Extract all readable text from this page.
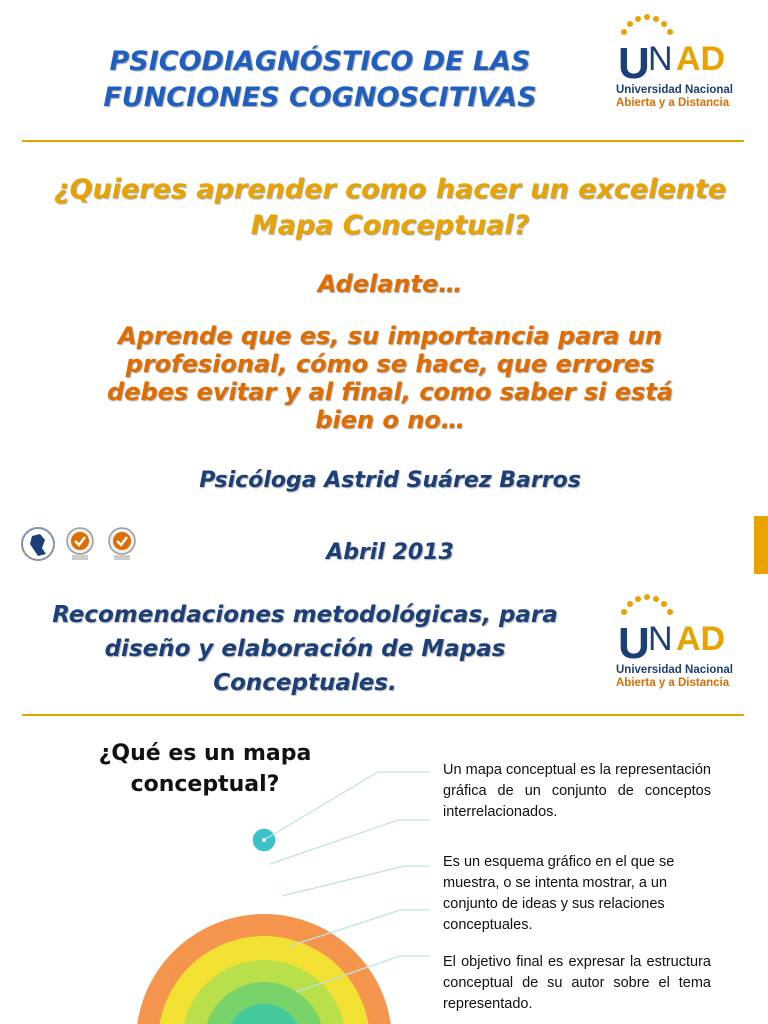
PSICODIAGNÓSTICO DE LAS FUNCIONES COGNOSCITIVAS
U
N AD
Universidad Nacional
Abierta y a Distancia
¿Quieres aprender como hacer un excelente Mapa Conceptual?
Adelante…
Aprende que es, su importancia para un profesional, cómo se hace, que errores debes evitar y al final, como saber si está bien o no…
Psicóloga Astrid Suárez Barros
Abril 2013
Recomendaciones metodológicas, para diseño y elaboración de Mapas Conceptuales.
U
N AD
Universidad Nacional
Abierta y a Distancia
¿Qué es un mapa conceptual?
Un mapa conceptual es la representación gráfica de un conjunto de conceptos interrelacionados.
Es un esquema gráfico en el que se muestra, o se intenta mostrar, a un conjunto de ideas y sus relaciones conceptuales.
El objetivo final es expresar la estructura conceptual de su autor sobre el tema representado.
